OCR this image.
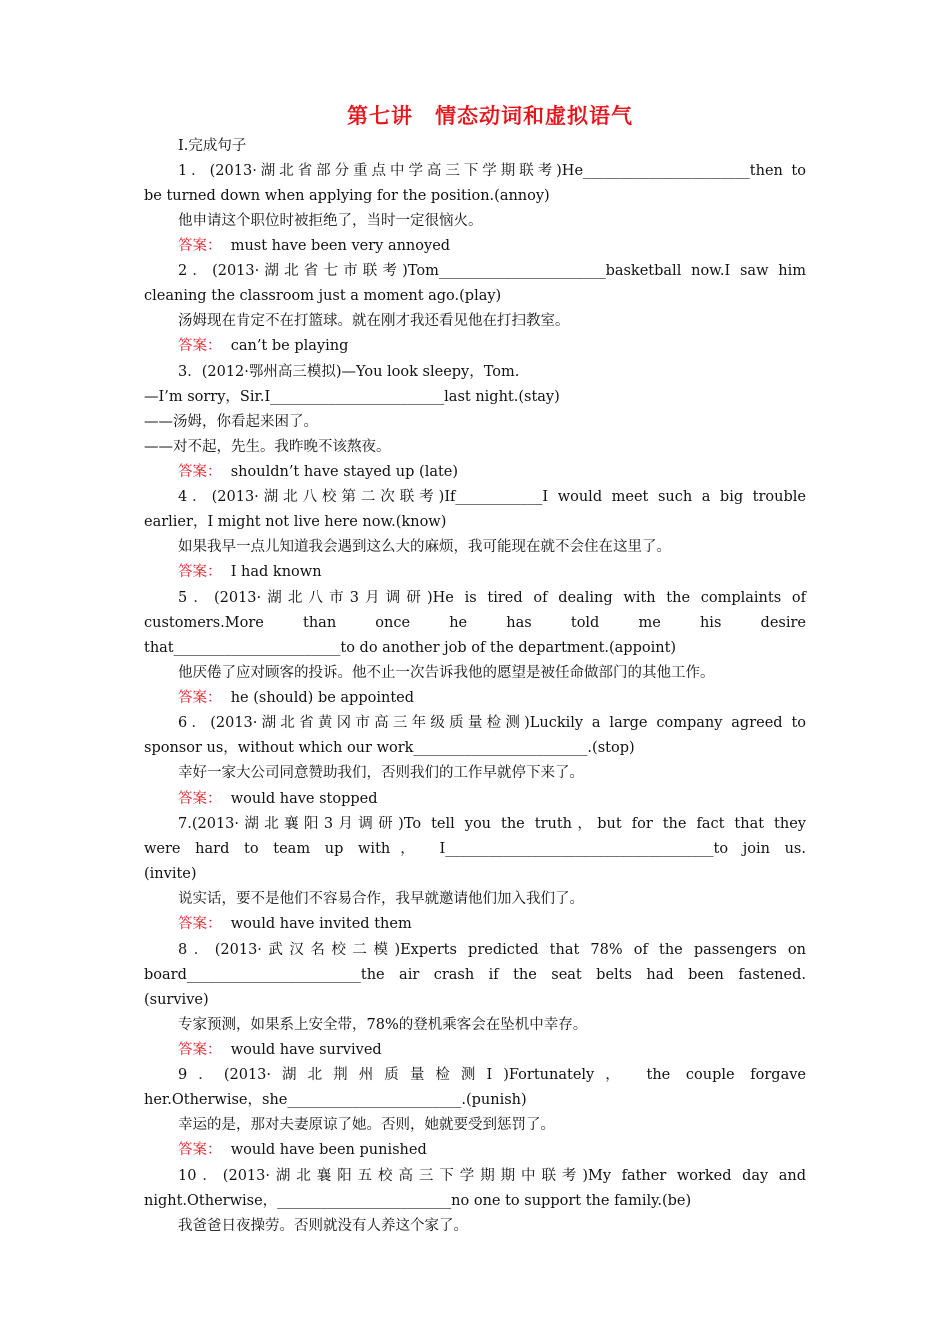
第七讲　情态动词和虚拟语气
Ⅰ.完成句子
1．(2013·湖北省部分重点中学高三下学期联考)He_______________________then to
be turned down when applying for the position.(annoy)
他申请这个职位时被拒绝了，当时一定很恼火。
答案： must have been very annoyed
2．(2013·湖北省七市联考)Tom_______________________basketball now.I saw him
cleaning the classroom just a moment ago.(play)
汤姆现在肯定不在打篮球。就在刚才我还看见他在打扫教室。
答案： can’t be playing
3．(2012·鄂州高三模拟)—You look sleepy，Tom.
—I’m sorry，Sir.I________________________last night.(stay)
——汤姆，你看起来困了。
——对不起，先生。我昨晚不该熬夜。
答案： shouldn’t have stayed up (late)
4．(2013·湖北八校第二次联考)If____________I would meet such a big trouble
earlier，I might not live here now.(know)
如果我早一点儿知道我会遇到这么大的麻烦，我可能现在就不会住在这里了。
答案： I had known
5．(2013·湖北八市3月调研)He is tired of dealing with the complaints of
customers.More than once he has told me his desire
that_______________________to do another job of the department.(appoint)
他厌倦了应对顾客的投诉。他不止一次告诉我他的愿望是被任命做部门的其他工作。
答案： he (should) be appointed
6．(2013·湖北省黄冈市高三年级质量检测)Luckily a large company agreed to
sponsor us，without which our work________________________.(stop)
幸好一家大公司同意赞助我们，否则我们的工作早就停下来了。
答案： would have stopped
7.(2013·湖北襄阳3月调研)To tell you the truth，but for the fact that they
were hard to team up with， I_____________________________________to join us.
(invite)
说实话，要不是他们不容易合作，我早就邀请他们加入我们了。
答案： would have invited them
8．(2013·武汉名校二模)Experts predicted that 78% of the passengers on
board________________________the air crash if the seat belts had been fastened.
(survive)
专家预测，如果系上安全带，78%的登机乘客会在坠机中幸存。
答案： would have survived
9．(2013·湖北荆州质量检测Ⅰ)Fortunately， the couple forgave
her.Otherwise，she________________________.(punish)
幸运的是，那对夫妻原谅了她。否则，她就要受到惩罚了。
答案： would have been punished
10．(2013·湖北襄阳五校高三下学期期中联考)My father worked day and
night.Otherwise，________________________no one to support the family.(be)
我爸爸日夜操劳。否则就没有人养这个家了。
